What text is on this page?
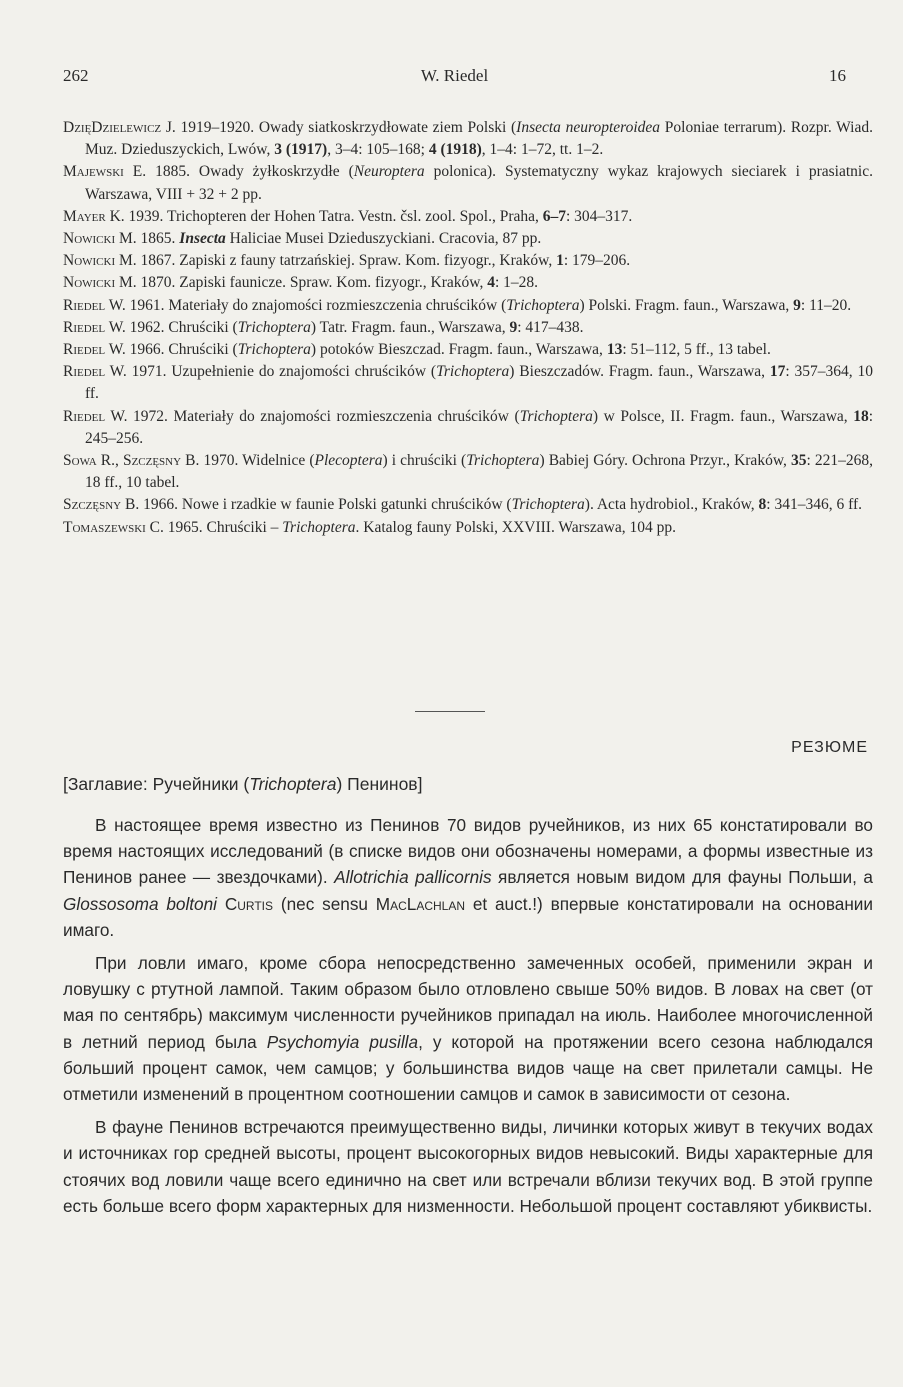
262	W. Riedel	16

DzięDzielewicz J. 1919–1920. Owady siatkoskrzydłowate ziem Polski (Insecta neuropteroidea Poloniae terrarum). Rozpr. Wiad. Muz. Dzieduszyckich, Lwów, 3 (1917), 3–4: 105–168; 4 (1918), 1–4: 1–72, tt. 1–2.

Majewski E. 1885. Owady żyłkoskrzydłe (Neuroptera polonica). Systematyczny wykaz krajowych sieciarek i prasiatnic. Warszawa, VIII + 32 + 2 pp.

Mayer K. 1939. Trichopteren der Hohen Tatra. Vestn. čsl. zool. Spol., Praha, 6–7: 304–317.

Nowicki M. 1865. Insecta Haliciae Musei Dzieduszyckiani. Cracovia, 87 pp.

Nowicki M. 1867. Zapiski z fauny tatrzańskiej. Spraw. Kom. fizyogr., Kraków, 1: 179–206.

Nowicki M. 1870. Zapiski faunicze. Spraw. Kom. fizyogr., Kraków, 4: 1–28.

Riedel W. 1961. Materiały do znajomości rozmieszczenia chruścików (Trichoptera) Polski. Fragm. faun., Warszawa, 9: 11–20.

Riedel W. 1962. Chruściki (Trichoptera) Tatr. Fragm. faun., Warszawa, 9: 417–438.

Riedel W. 1966. Chruściki (Trichoptera) potoków Bieszczad. Fragm. faun., Warszawa, 13: 51–112, 5 ff., 13 tabel.

Riedel W. 1971. Uzupełnienie do znajomości chruścików (Trichoptera) Bieszczadów. Fragm. faun., Warszawa, 17: 357–364, 10 ff.

Riedel W. 1972. Materiały do znajomości rozmieszczenia chruścików (Trichoptera) w Polsce, II. Fragm. faun., Warszawa, 18: 245–256.

Sowa R., Szczęsny B. 1970. Widelnice (Plecoptera) i chruściki (Trichoptera) Babiej Góry. Ochrona Przyr., Kraków, 35: 221–268, 18 ff., 10 tabel.

Szczęsny B. 1966. Nowe i rzadkie w faunie Polski gatunki chruścików (Trichoptera). Acta hydrobiol., Kraków, 8: 341–346, 6 ff.

Tomaszewski C. 1965. Chruściki – Trichoptera. Katalog fauny Polski, XXVIII. Warszawa, 104 pp.

РЕЗЮМЕ
[Заглавие: Ручейники (Trichoptera) Пенинов]

В настоящее время известно из Пенинов 70 видов ручейников, из них 65 констатировали во время настоящих исследований (в списке видов они обозначены номерами, а формы известные из Пенинов ранее — звездочками). Allotrichia pallicornis является новым видом для фауны Польши, а Glossosoma boltoni Curtis (nec sensu MacLachlan et auct.!) впервые констатировали на основании имаго.

При ловли имаго, кроме сбора непосредственно замеченных особей, применили экран и ловушку с ртутной лампой. Таким образом было отловлено свыше 50% видов. В ловах на свет (от мая по сентябрь) максимум численности ручейников припадал на июль. Наиболее многочисленной в летний период была Psychomyia pusilla, у которой на протяжении всего сезона наблюдался больший процент самок, чем самцов; у большинства видов чаще на свет прилетали самцы. Не отметили изменений в процентном соотношении самцов и самок в зависимости от сезона.

В фауне Пенинов встречаются преимущественно виды, личинки которых живут в текучих водах и источниках гор средней высоты, процент высокогорных видов невысокий. Виды характерные для стоячих вод ловили чаще всего единично на свет или встречали вблизи текучих вод. В этой группе есть больше всего форм характерных для низменности. Небольшой процент составляют убиквисты.
